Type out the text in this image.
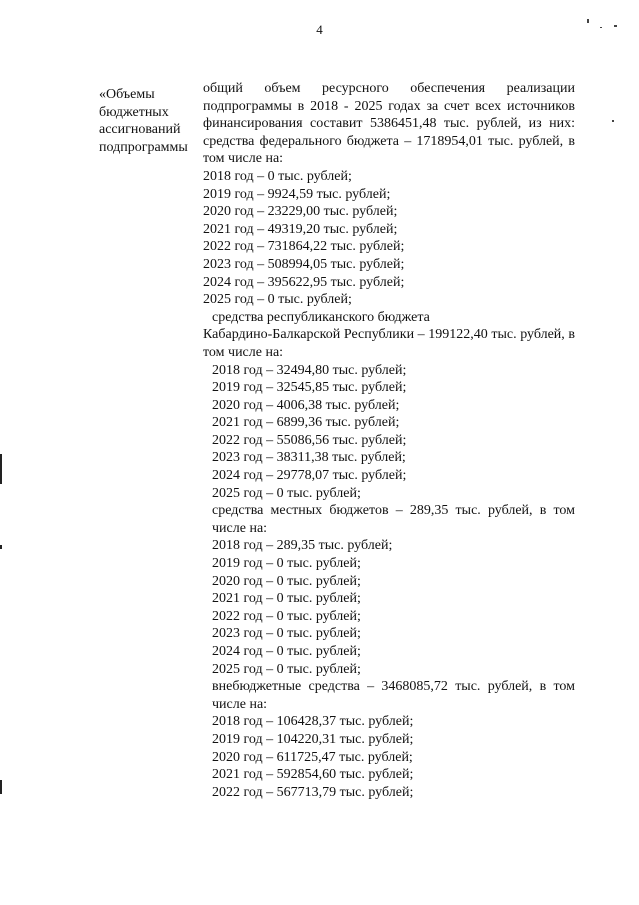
4
«Объемы бюджетных ассигнований подпрограммы
общий объем ресурсного обеспечения реализации подпрограммы в 2018 - 2025 годах за счет всех источников финансирования составит 5386451,48 тыс. рублей, из них: средства федерального бюджета – 1718954,01 тыс. рублей, в том числе на:
2018 год – 0 тыс. рублей;
2019 год – 9924,59 тыс. рублей;
2020 год – 23229,00 тыс. рублей;
2021 год – 49319,20 тыс. рублей;
2022 год – 731864,22 тыс. рублей;
2023 год – 508994,05 тыс. рублей;
2024 год – 395622,95 тыс. рублей;
2025 год – 0 тыс. рублей;
средства республиканского бюджета
Кабардино-Балкарской Республики – 199122,40 тыс. рублей, в том числе на:
2018 год – 32494,80 тыс. рублей;
2019 год – 32545,85 тыс. рублей;
2020 год – 4006,38 тыс. рублей;
2021 год – 6899,36 тыс. рублей;
2022 год – 55086,56 тыс. рублей;
2023 год – 38311,38 тыс. рублей;
2024 год – 29778,07 тыс. рублей;
2025 год – 0 тыс. рублей;
средства местных бюджетов – 289,35 тыс. рублей, в том числе на:
2018 год – 289,35 тыс. рублей;
2019 год – 0 тыс. рублей;
2020 год – 0 тыс. рублей;
2021 год – 0 тыс. рублей;
2022 год – 0 тыс. рублей;
2023 год – 0 тыс. рублей;
2024 год – 0 тыс. рублей;
2025 год – 0 тыс. рублей;
внебюджетные средства – 3468085,72 тыс. рублей, в том числе на:
2018 год – 106428,37 тыс. рублей;
2019 год – 104220,31 тыс. рублей;
2020 год – 611725,47 тыс. рублей;
2021 год – 592854,60 тыс. рублей;
2022 год – 567713,79 тыс. рублей;
